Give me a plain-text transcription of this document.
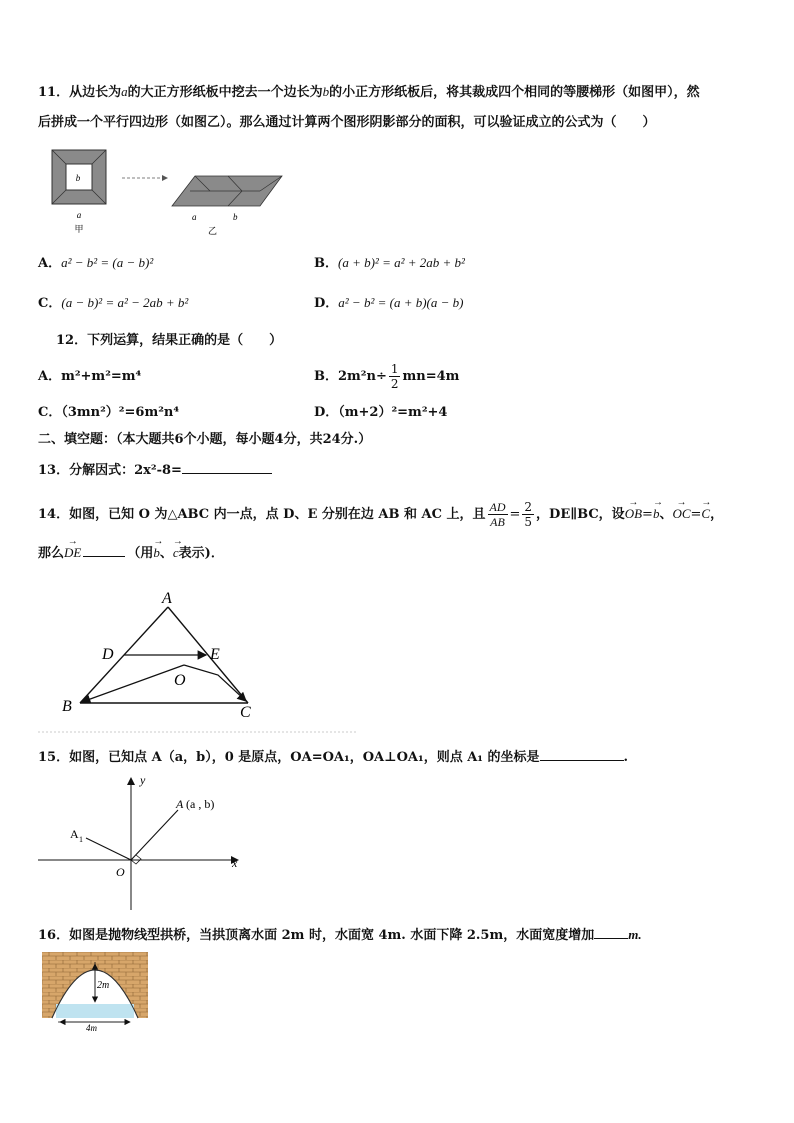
11．从边长为a的大正方形纸板中挖去一个边长为b的小正方形纸板后，将其裁成四个相同的等腰梯形（如图甲），然
后拼成一个平行四边形（如图乙）。那么通过计算两个图形阴影部分的面积，可以验证成立的公式为（　　）
b
a
甲
a	b
乙
A．a² − b² = (a − b)²	B．(a + b)² = a² + 2ab + b²
C．(a − b)² = a² − 2ab + b²	D．a² − b² = (a + b)(a − b)
12．下列运算，结果正确的是（　　）
A．m²+m²=m⁴	B．$2m^2n\div \frac{1}{2} mn=4m$
C．（3mn²）²=6m²n⁴	D．（m+2）²=m²+4
二、填空题：（本大题共6个小题，每小题4分，共24分.）
13．分解因式：2x²-8=
14．如图，已知 O 为△ABC 内一点，点 D、E 分别在边 AB 和 AC 上，且 $\frac{AD}{AB} = \frac{2}{5}$ ，DE∥BC，设→ OB=→ b、→ OC=→ C，
那么→ DE	（用→ b、→ c表示)．
A
D	E
O
B	C
15．如图，已知点 A（a，b），0 是原点，OA=OA₁，OA⊥OA₁，则点 A₁ 的坐标是	.
y
x
O
A (a , b)
A 1
16．如图是抛物线型拱桥，当拱顶离水面 2m 时，水面宽 4m. 水面下降 2.5m，水面宽度增加	m.
2m
4m
